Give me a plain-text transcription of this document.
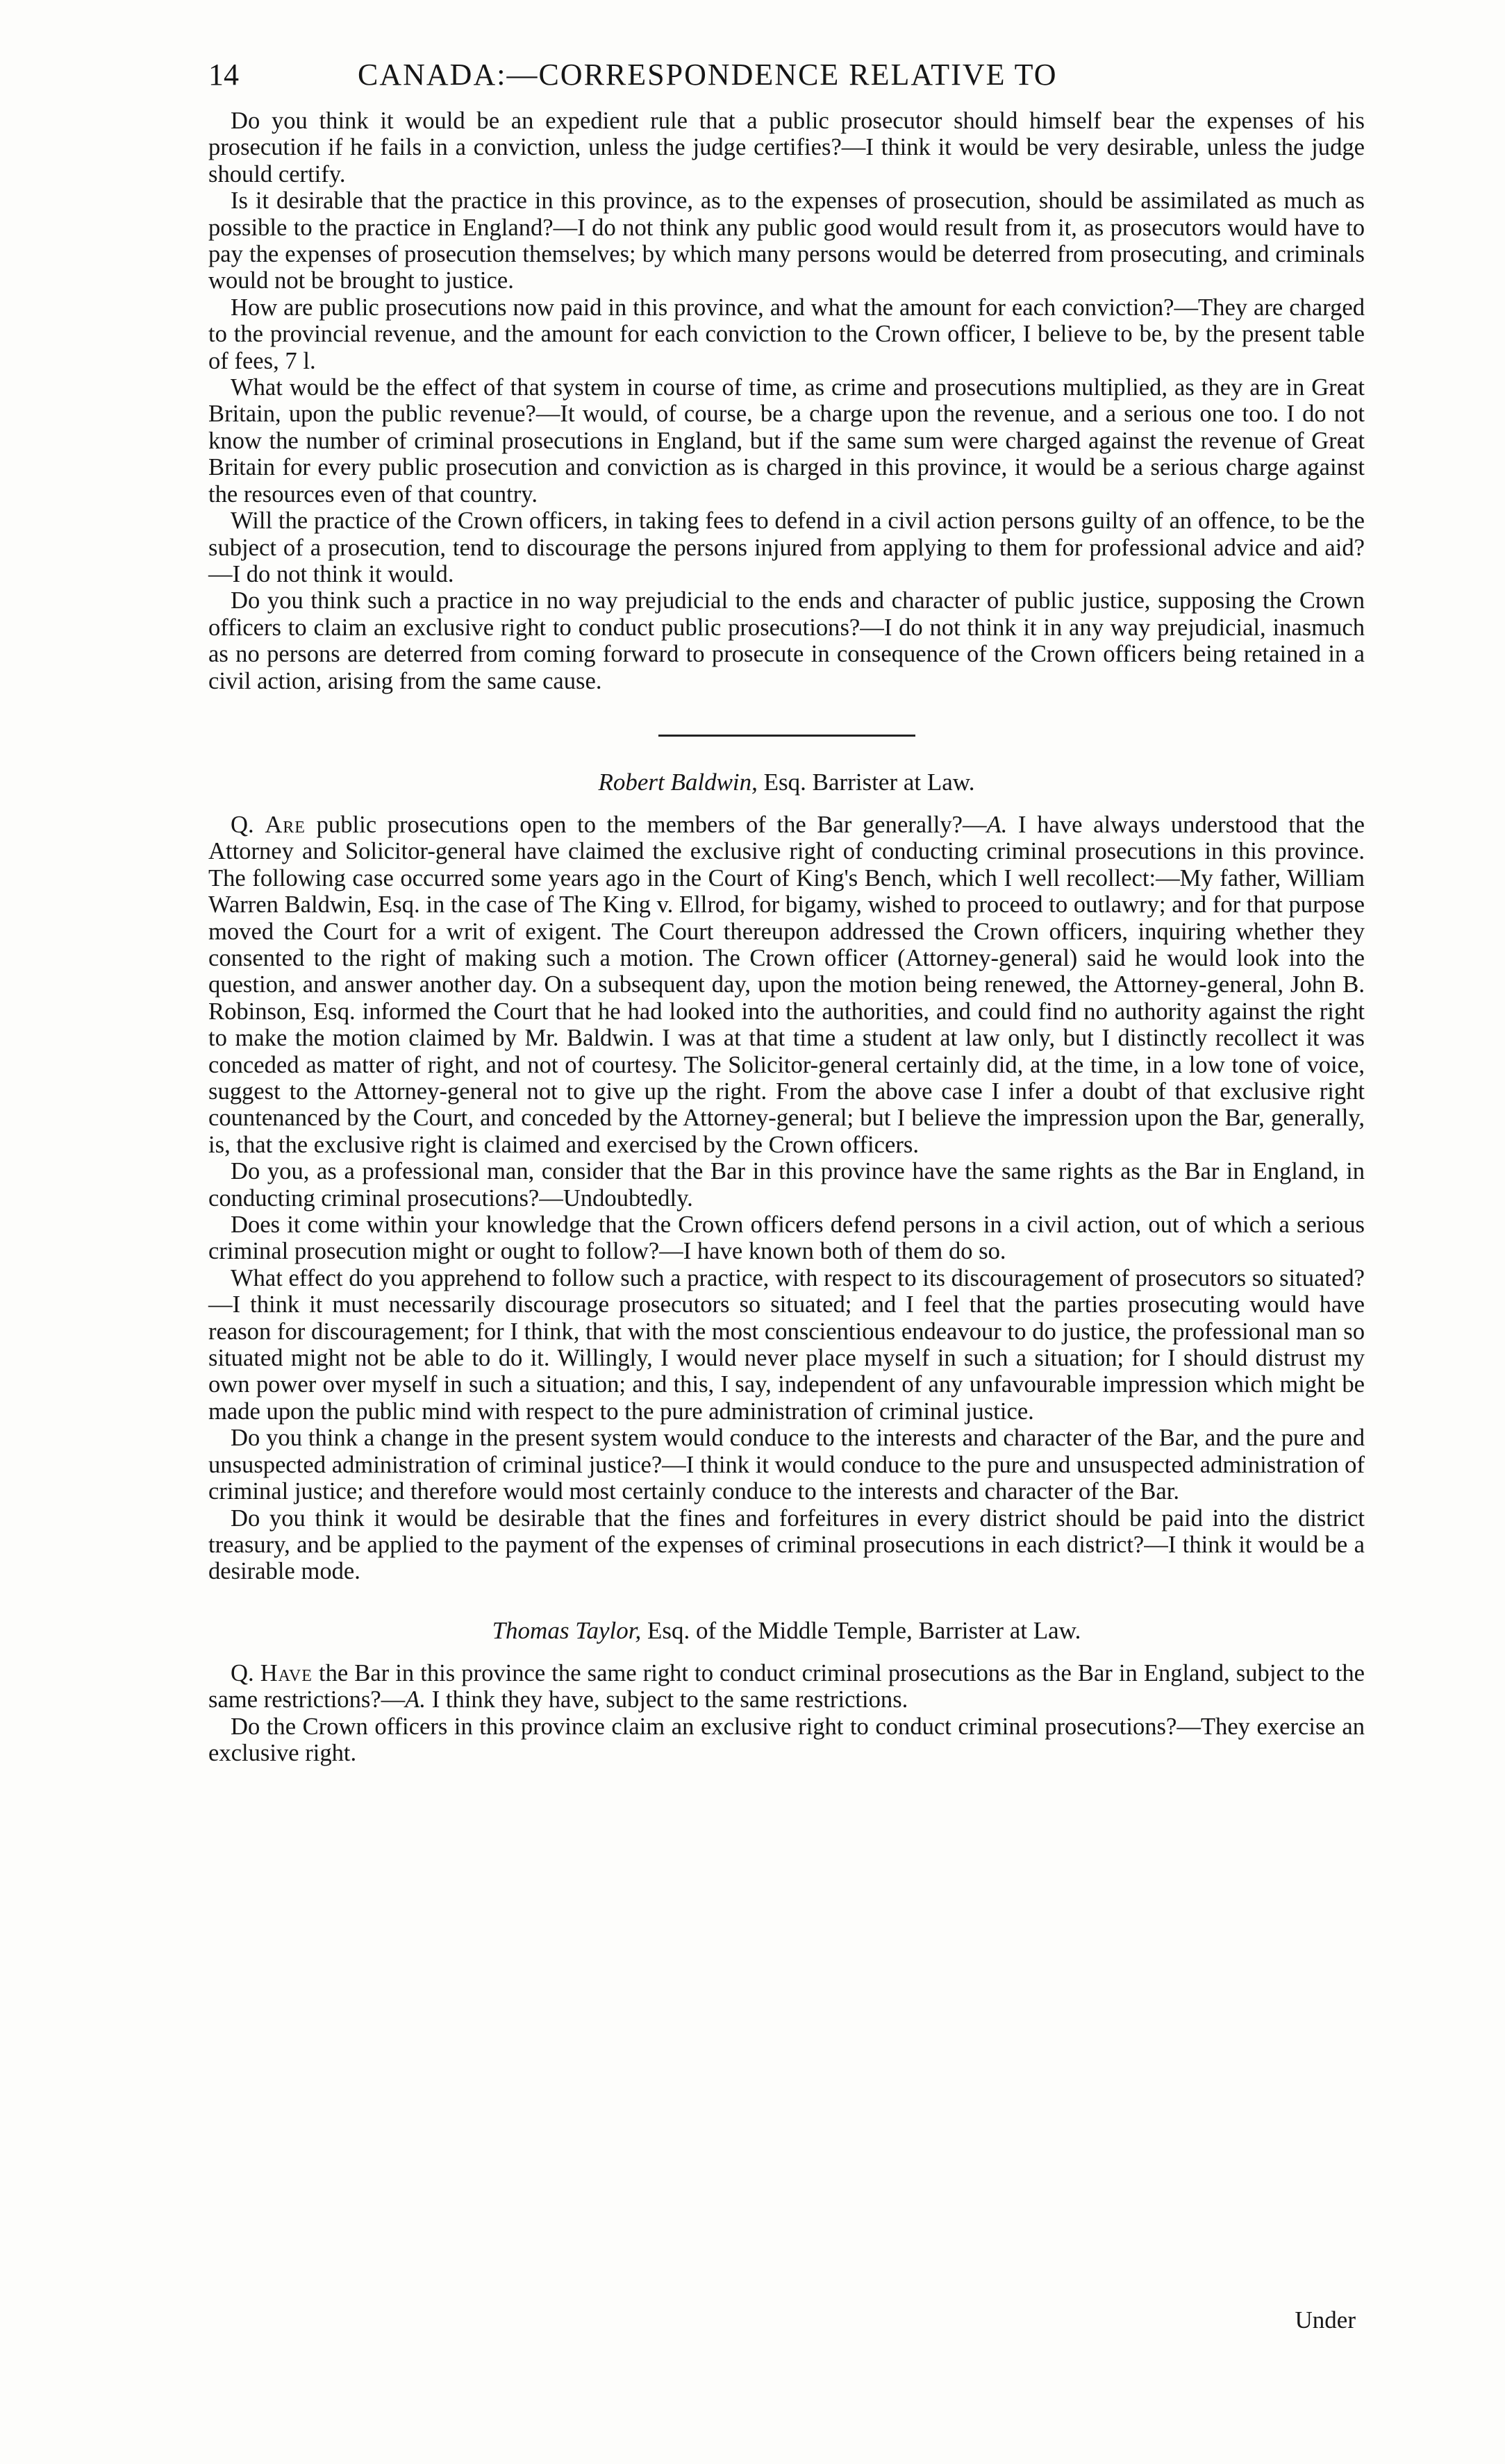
14	CANADA:—CORRESPONDENCE RELATIVE TO

Do you think it would be an expedient rule that a public prosecutor should himself bear the expenses of his prosecution if he fails in a conviction, unless the judge certifies?—I think it would be very desirable, unless the judge should certify.

Is it desirable that the practice in this province, as to the expenses of prosecution, should be assimilated as much as possible to the practice in England?—I do not think any public good would result from it, as prosecutors would have to pay the expenses of prosecution themselves; by which many persons would be deterred from prosecuting, and criminals would not be brought to justice.

How are public prosecutions now paid in this province, and what the amount for each conviction?—They are charged to the provincial revenue, and the amount for each conviction to the Crown officer, I believe to be, by the present table of fees, 7 l.

What would be the effect of that system in course of time, as crime and prosecutions multiplied, as they are in Great Britain, upon the public revenue?—It would, of course, be a charge upon the revenue, and a serious one too. I do not know the number of criminal prosecutions in England, but if the same sum were charged against the revenue of Great Britain for every public prosecution and conviction as is charged in this province, it would be a serious charge against the resources even of that country.

Will the practice of the Crown officers, in taking fees to defend in a civil action persons guilty of an offence, to be the subject of a prosecution, tend to discourage the persons injured from applying to them for professional advice and aid?—I do not think it would.

Do you think such a practice in no way prejudicial to the ends and character of public justice, supposing the Crown officers to claim an exclusive right to conduct public prosecutions?—I do not think it in any way prejudicial, inasmuch as no persons are deterred from coming forward to prosecute in consequence of the Crown officers being retained in a civil action, arising from the same cause.

Robert Baldwin, Esq. Barrister at Law.

Q. Are public prosecutions open to the members of the Bar generally?—A. I have always understood that the Attorney and Solicitor-general have claimed the exclusive right of conducting criminal prosecutions in this province. The following case occurred some years ago in the Court of King's Bench, which I well recollect:—My father, William Warren Baldwin, Esq. in the case of The King v. Ellrod, for bigamy, wished to proceed to outlawry; and for that purpose moved the Court for a writ of exigent. The Court thereupon addressed the Crown officers, inquiring whether they consented to the right of making such a motion. The Crown officer (Attorney-general) said he would look into the question, and answer another day. On a subsequent day, upon the motion being renewed, the Attorney-general, John B. Robinson, Esq. informed the Court that he had looked into the authorities, and could find no authority against the right to make the motion claimed by Mr. Baldwin. I was at that time a student at law only, but I distinctly recollect it was conceded as matter of right, and not of courtesy. The Solicitor-general certainly did, at the time, in a low tone of voice, suggest to the Attorney-general not to give up the right. From the above case I infer a doubt of that exclusive right countenanced by the Court, and conceded by the Attorney-general; but I believe the impression upon the Bar, generally, is, that the exclusive right is claimed and exercised by the Crown officers.

Do you, as a professional man, consider that the Bar in this province have the same rights as the Bar in England, in conducting criminal prosecutions?—Undoubtedly.

Does it come within your knowledge that the Crown officers defend persons in a civil action, out of which a serious criminal prosecution might or ought to follow?—I have known both of them do so.

What effect do you apprehend to follow such a practice, with respect to its discouragement of prosecutors so situated?—I think it must necessarily discourage prosecutors so situated; and I feel that the parties prosecuting would have reason for discouragement; for I think, that with the most conscientious endeavour to do justice, the professional man so situated might not be able to do it. Willingly, I would never place myself in such a situation; for I should distrust my own power over myself in such a situation; and this, I say, independent of any unfavourable impression which might be made upon the public mind with respect to the pure administration of criminal justice.

Do you think a change in the present system would conduce to the interests and character of the Bar, and the pure and unsuspected administration of criminal justice?—I think it would conduce to the pure and unsuspected administration of criminal justice; and therefore would most certainly conduce to the interests and character of the Bar.

Do you think it would be desirable that the fines and forfeitures in every district should be paid into the district treasury, and be applied to the payment of the expenses of criminal prosecutions in each district?—I think it would be a desirable mode.

Thomas Taylor, Esq. of the Middle Temple, Barrister at Law.

Q. Have the Bar in this province the same right to conduct criminal prosecutions as the Bar in England, subject to the same restrictions?—A. I think they have, subject to the same restrictions.

Do the Crown officers in this province claim an exclusive right to conduct criminal prosecutions?—They exercise an exclusive right.

Under
